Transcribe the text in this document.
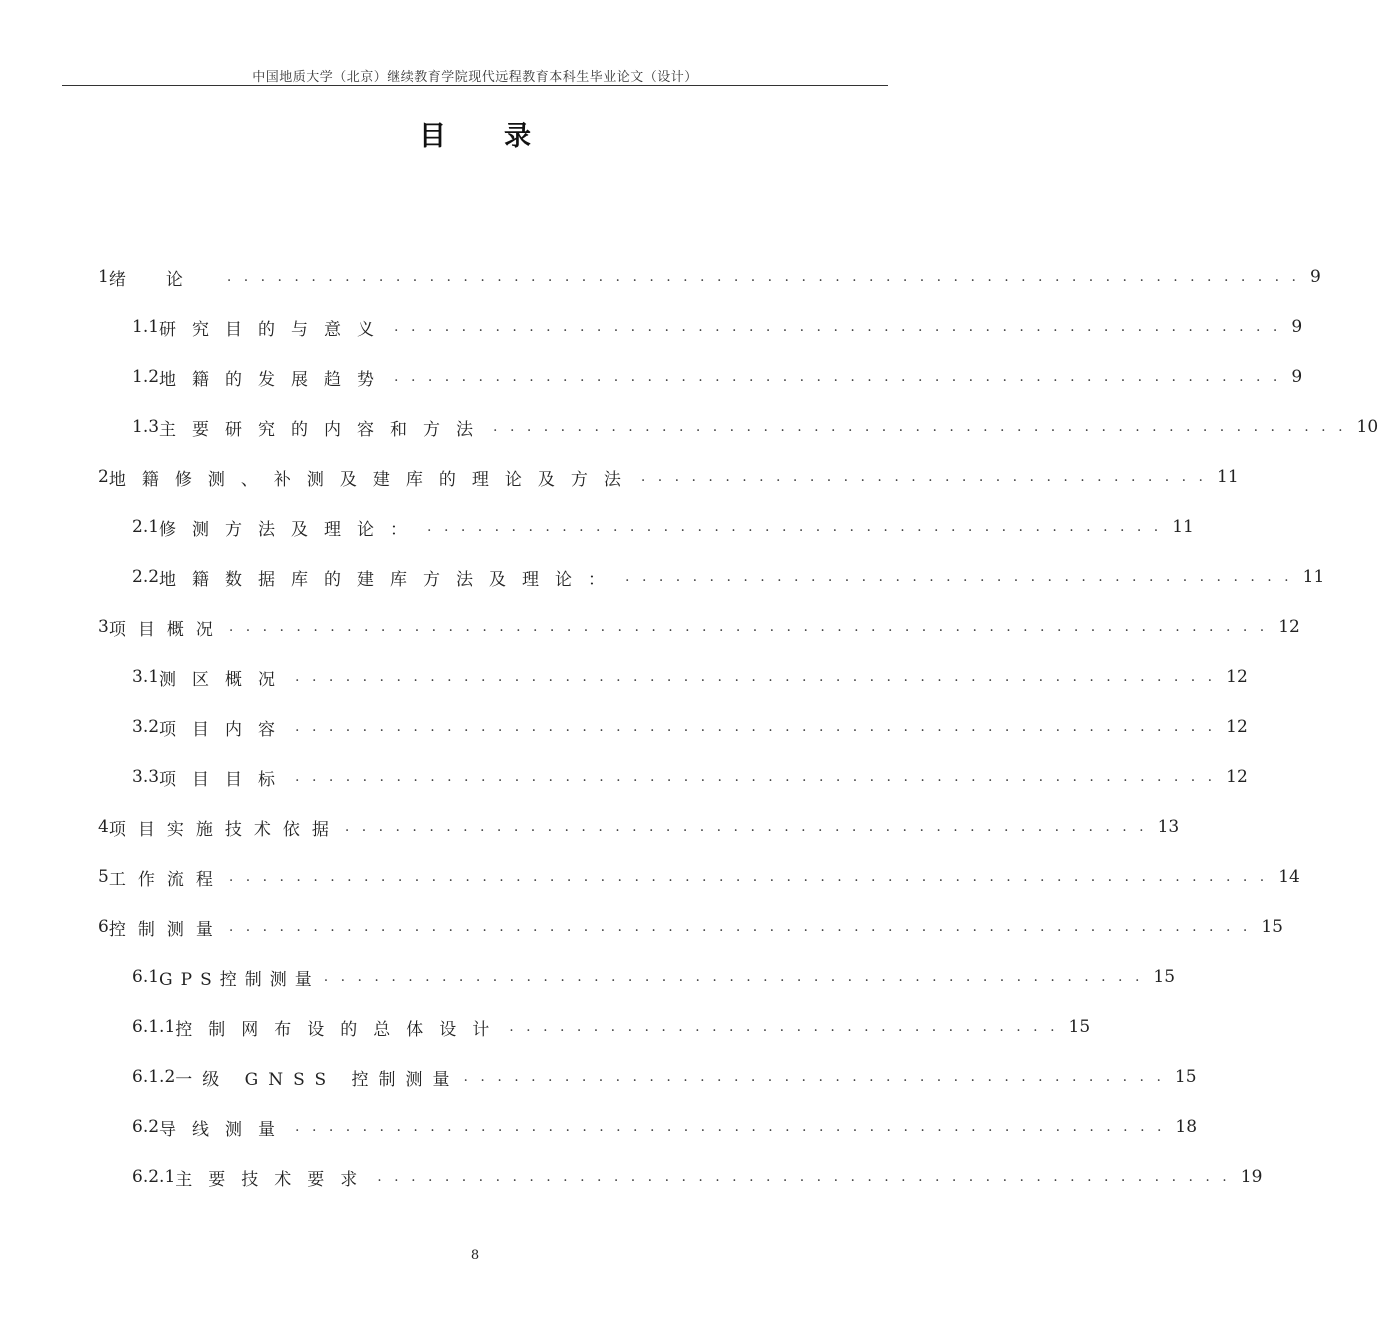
中国地质大学（北京）继续教育学院现代远程教育本科生毕业论文（设计）
目录
1 绪论 . . . . . . . . . . . . . . . . . . . . . . . . . . . . . . . . . . . . . . . . . . . . . . . . . . . . . . . . . . . . . . . . 9
1.1 研究目的与意义 . . . . . . . . . . . . . . . . . . . . . . . . . . . . . . . . . . . . . . . . . . . . . . . . . . . . . 9
1.2 地籍的发展趋势 . . . . . . . . . . . . . . . . . . . . . . . . . . . . . . . . . . . . . . . . . . . . . . . . . . . . . 9
1.3 主要研究的内容和方法 . . . . . . . . . . . . . . . . . . . . . . . . . . . . . . . . . . . . . . . . . . . . . . . . . . . 10
2 地籍修测、补测及建库的理论及方法 . . . . . . . . . . . . . . . . . . . . . . . . . . . . . . . . . . 11
2.1 修测方法及理论： . . . . . . . . . . . . . . . . . . . . . . . . . . . . . . . . . . . . . . . . . . . . 11
2.2 地籍数据库的建库方法及理论： . . . . . . . . . . . . . . . . . . . . . . . . . . . . . . . . . . . . . . . . 11
3 项目概况 . . . . . . . . . . . . . . . . . . . . . . . . . . . . . . . . . . . . . . . . . . . . . . . . . . . . . . . . . . . . . . 12
3.1 测区概况 . . . . . . . . . . . . . . . . . . . . . . . . . . . . . . . . . . . . . . . . . . . . . . . . . . . . . . . 12
3.2 项目内容 . . . . . . . . . . . . . . . . . . . . . . . . . . . . . . . . . . . . . . . . . . . . . . . . . . . . . . . 12
3.3 项目目标 . . . . . . . . . . . . . . . . . . . . . . . . . . . . . . . . . . . . . . . . . . . . . . . . . . . . . . . 12
4 项目实施技术依据 . . . . . . . . . . . . . . . . . . . . . . . . . . . . . . . . . . . . . . . . . . . . . . . . 13
5 工作流程 . . . . . . . . . . . . . . . . . . . . . . . . . . . . . . . . . . . . . . . . . . . . . . . . . . . . . . . . . . . . . . 14
6 控制测量 . . . . . . . . . . . . . . . . . . . . . . . . . . . . . . . . . . . . . . . . . . . . . . . . . . . . . . . . . . . . . 15
6.1 GPS控制测量 . . . . . . . . . . . . . . . . . . . . . . . . . . . . . . . . . . . . . . . . . . . . . . . . . 15
6.1.1 控制网布设的总体设计 . . . . . . . . . . . . . . . . . . . . . . . . . . . . . . . . . 15
6.1.2 一级 GNSS 控制测量 . . . . . . . . . . . . . . . . . . . . . . . . . . . . . . . . . . . . . . . . . . 15
6.2 导线测量 . . . . . . . . . . . . . . . . . . . . . . . . . . . . . . . . . . . . . . . . . . . . . . . . . . . . 18
6.2.1 主要技术要求 . . . . . . . . . . . . . . . . . . . . . . . . . . . . . . . . . . . . . . . . . . . . . . . . . . . 19
8
